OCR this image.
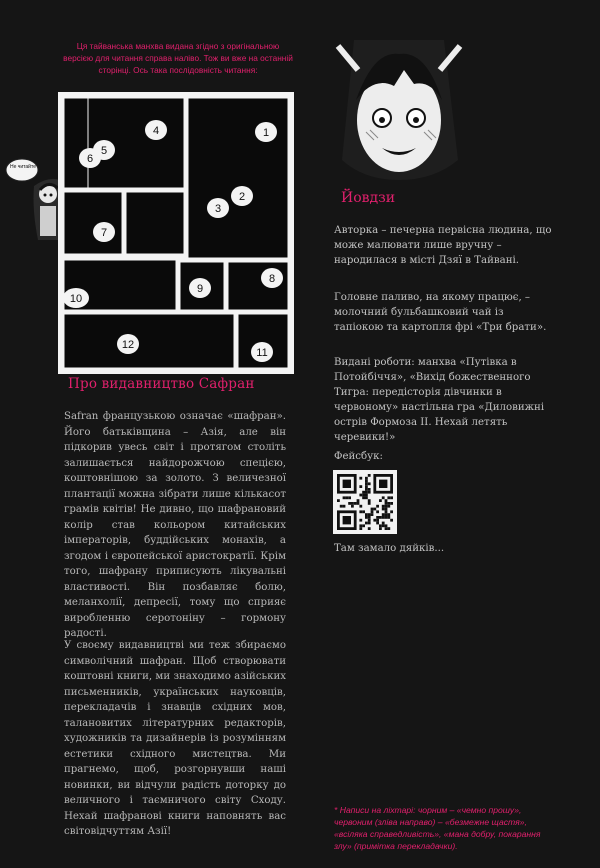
Ця тайванська манхва видана згідно з оригінальною версією для читання справа наліво. Тож ви вже на останній сторінці. Ось така послідовність читання:
Не читайте
1
2
3
4
5
6
7
8
9
10
11
12
Про видавництво Сафран

Safran французькою означає «шафран». Його батьківщина – Азія, але він підкорив увесь світ і протягом століть залишається найдорожчою спецією, коштовнішою за золото. З величезної плантації можна зібрати лише кількасот грамів квітів! Не дивно, що шафрановий колір став кольором китайських імператорів, буддійських монахів, а згодом і європейської аристократії. Крім того, шафрану приписують лікувальні властивості. Він позбавляє болю, меланхолії, депресії, тому що сприяє виробленню серотоніну – гормону радості.

У своєму видавництві ми теж збираємо символічний шафран. Щоб створювати коштовні книги, ми знаходимо азійських письменників, українських науковців, перекладачів і знавців східних мов, талановитих літературних редакторів, художників та дизайнерів із розумінням естетики східного мистецтва. Ми прагнемо, щоб, розгорнувши наші новинки, ви відчули радість доторку до величного і таємничого світу Сходу. Нехай шафранові книги наповнять вас світовідчуттям Азії!

Йовдзи

Авторка – печерна первісна людина, що може малювати лише вручну – народилася в місті Дзяї в Тайвані.

Головне паливо, на якому працює, – молочний бульбашковий чай із тапіокою та картопля фрі «Три брати».

Видані роботи: манхва «Путівка в Потойбіччя», «Вихід божественного Тигра: передісторія дівчинки в червоному» настільна гра «Диловижні острів Формоза II. Нехай летять черевики!»

Фейсбук:
Там замало дяйків...
* Написи на ліхтарі: чорним – «чемно прошу», червоним (зліва направо) – «безмежне щастя», «всіляка справедливість», «мана добру, покарання злу» (примітка перекладачки).
